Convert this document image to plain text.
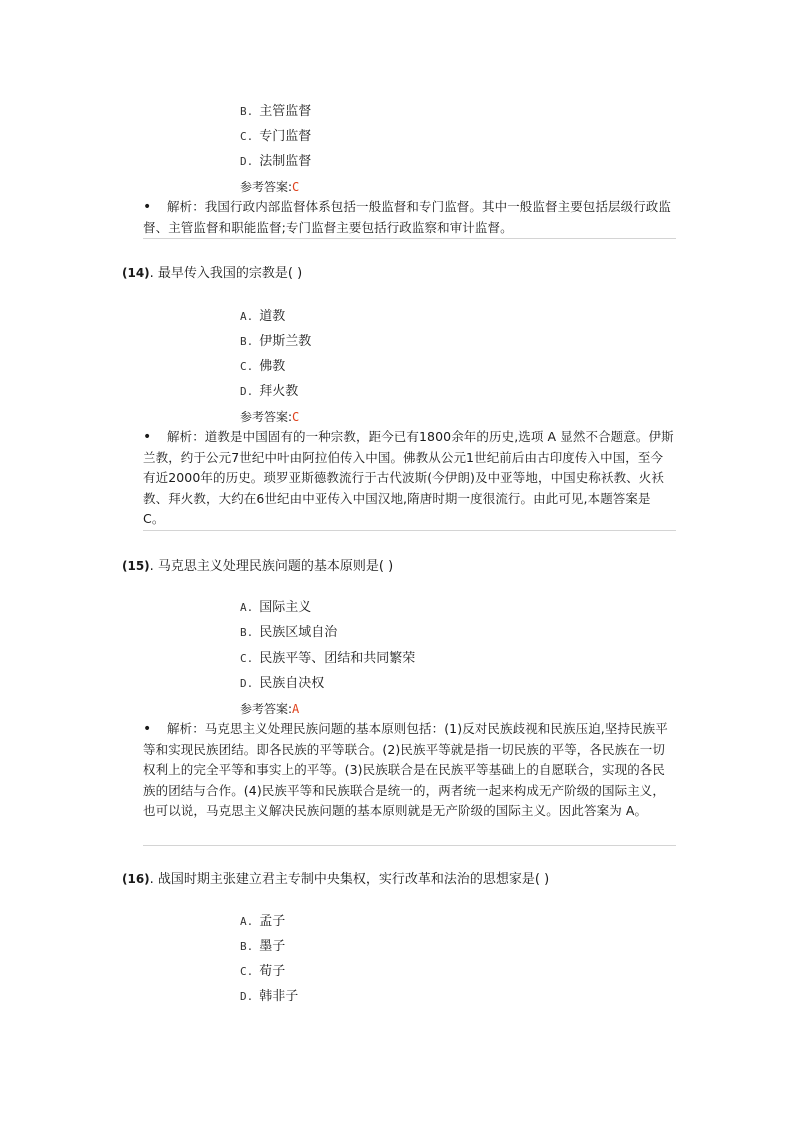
B. 主管监督
C. 专门监督
D. 法制监督
参考答案:C
•	解析：我国行政内部监督体系包括一般监督和专门监督。其中一般监督主要包括层级行政监督、主管监督和职能监督;专门监督主要包括行政监察和审计监督。

(14). 最早传入我国的宗教是( )
A. 道教
B. 伊斯兰教
C. 佛教
D. 拜火教
参考答案:C
•	解析：道教是中国固有的一种宗教，距今已有1800余年的历史,选项 A 显然不合题意。伊斯兰教，约于公元7世纪中叶由阿拉伯传入中国。佛教从公元1世纪前后由古印度传入中国，至今有近2000年的历史。琐罗亚斯德教流行于古代波斯(今伊朗)及中亚等地，中国史称袄教、火袄教、拜火教，大约在6世纪由中亚传入中国汉地,隋唐时期一度很流行。由此可见,本题答案是 C。

(15). 马克思主义处理民族问题的基本原则是( )
A. 国际主义
B. 民族区域自治
C. 民族平等、团结和共同繁荣
D. 民族自决权
参考答案:A
•	解析：马克思主义处理民族问题的基本原则包括：(1)反对民族歧视和民族压迫,坚持民族平等和实现民族团结。即各民族的平等联合。(2)民族平等就是指一切民族的平等，各民族在一切权利上的完全平等和事实上的平等。(3)民族联合是在民族平等基础上的自愿联合，实现的各民族的团结与合作。(4)民族平等和民族联合是统一的，两者统一起来构成无产阶级的国际主义，也可以说，马克思主义解决民族问题的基本原则就是无产阶级的国际主义。因此答案为 A。

(16). 战国时期主张建立君主专制中央集权，实行改革和法治的思想家是( )
A. 孟子
B. 墨子
C. 荀子
D. 韩非子
